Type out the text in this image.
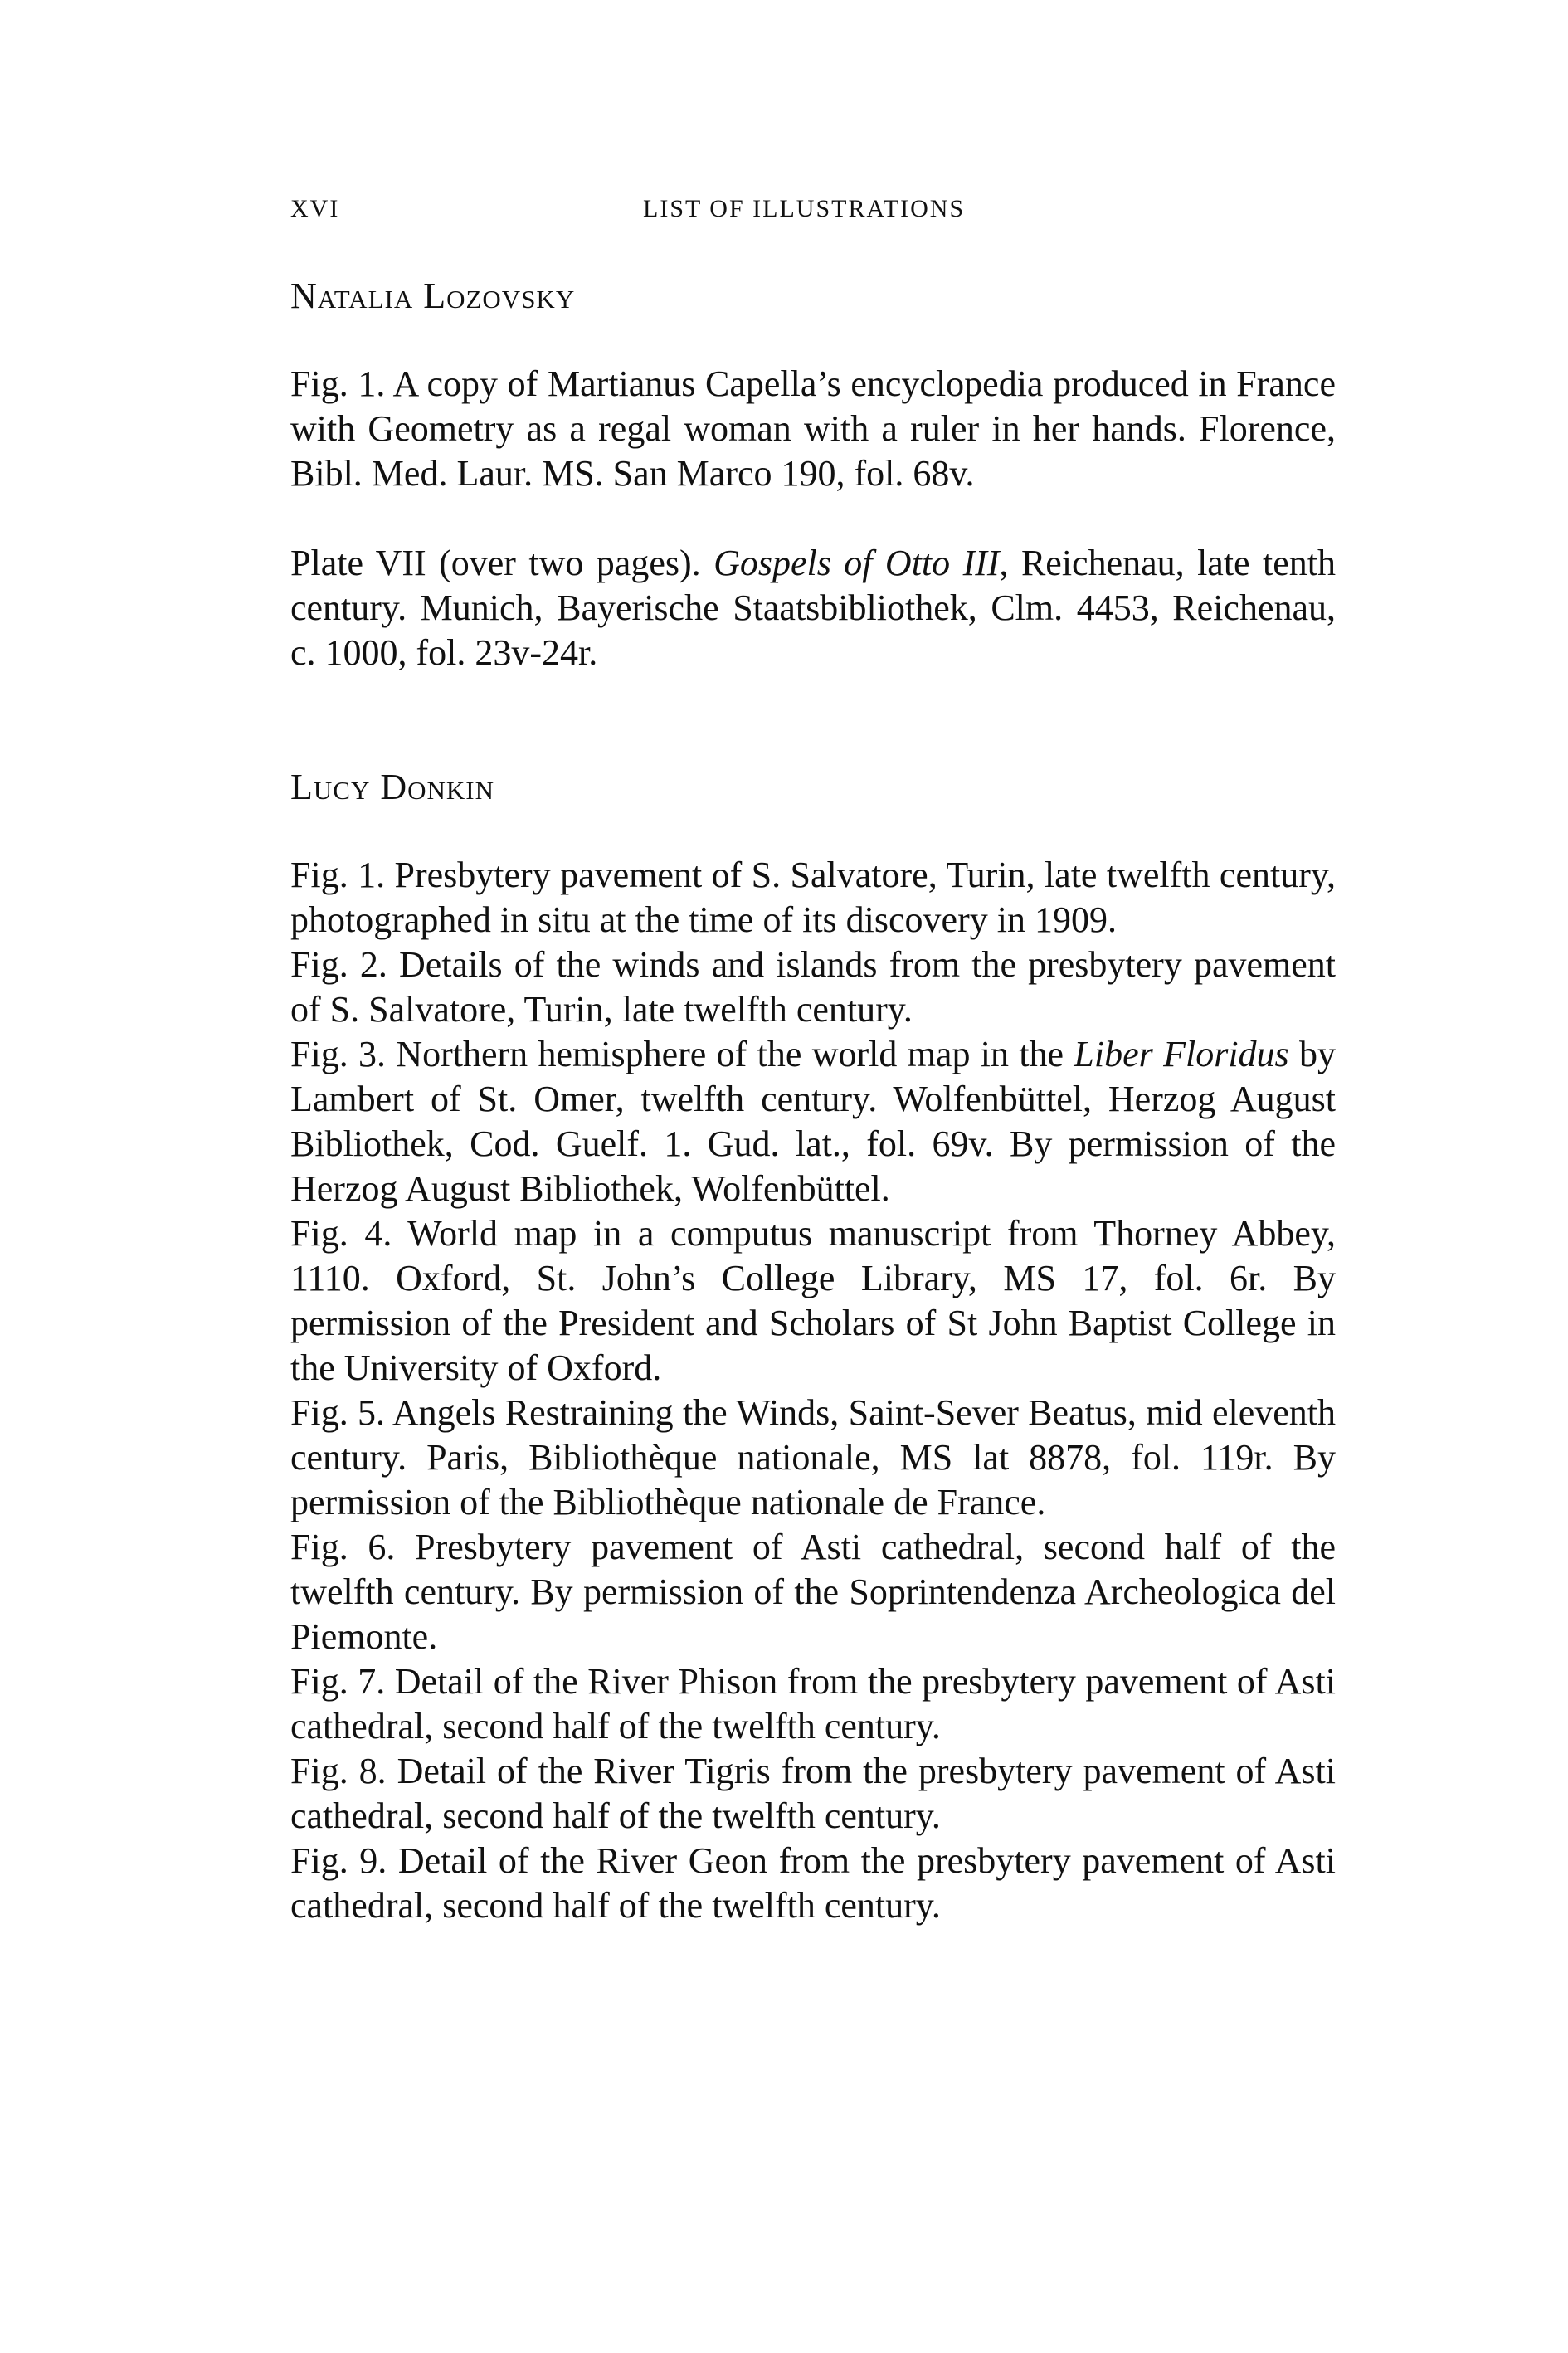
XVI	LIST OF ILLUSTRATIONS

Natalia Lozovsky

Fig. 1. A copy of Martianus Capella’s encyclopedia produced in France with Geometry as a regal woman with a ruler in her hands. Florence, Bibl. Med. Laur. MS. San Marco 190, fol. 68v.

Plate VII (over two pages). Gospels of Otto III, Reichenau, late tenth century. Munich, Bayerische Staatsbibliothek, Clm. 4453, Reichenau, c. 1000, fol. 23v-24r.

Lucy Donkin

Fig. 1. Presbytery pavement of S. Salvatore, Turin, late twelfth century, photographed in situ at the time of its discovery in 1909.

Fig. 2. Details of the winds and islands from the presbytery pavement of S. Salvatore, Turin, late twelfth century.

Fig. 3. Northern hemisphere of the world map in the Liber Floridus by Lambert of St. Omer, twelfth century. Wolfenbüttel, Herzog August Bibliothek, Cod. Guelf. 1. Gud. lat., fol. 69v. By permission of the Herzog August Bibliothek, Wolfenbüttel.

Fig. 4. World map in a computus manuscript from Thorney Abbey, 1110. Oxford, St. John’s College Library, MS 17, fol. 6r. By permission of the President and Scholars of St John Baptist College in the University of Oxford.

Fig. 5. Angels Restraining the Winds, Saint-Sever Beatus, mid eleventh century. Paris, Bibliothèque nationale, MS lat 8878, fol. 119r. By permission of the Bibliothèque nationale de France.

Fig. 6. Presbytery pavement of Asti cathedral, second half of the twelfth century. By permission of the Soprintendenza Archeologica del Piemonte.

Fig. 7. Detail of the River Phison from the presbytery pavement of Asti cathedral, second half of the twelfth century.

Fig. 8. Detail of the River Tigris from the presbytery pavement of Asti cathedral, second half of the twelfth century.

Fig. 9. Detail of the River Geon from the presbytery pavement of Asti cathedral, second half of the twelfth century.
